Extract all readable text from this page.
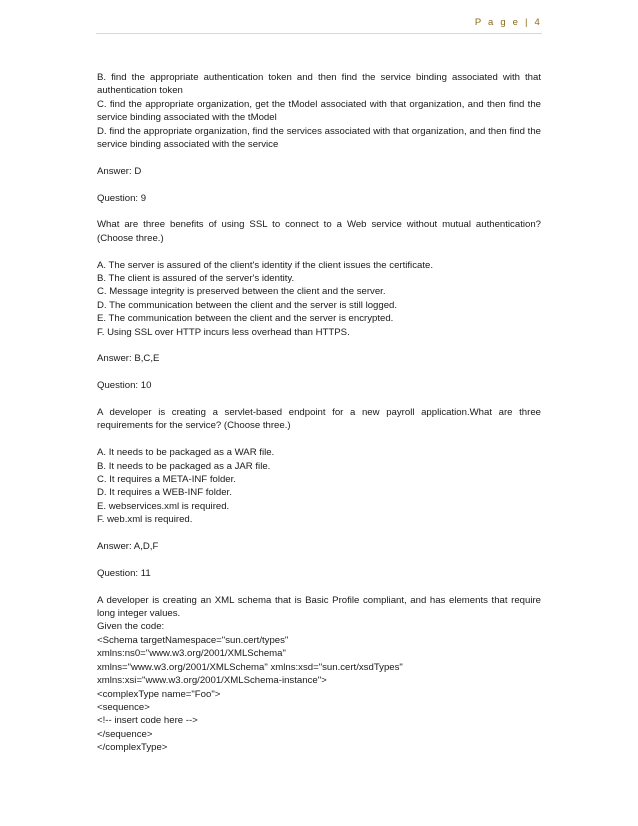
P a g e | 4

B. find the appropriate authentication token and then find the service binding associated with that authentication token

C. find the appropriate organization, get the tModel associated with that organization, and then find the service binding associated with the tModel

D. find the appropriate organization, find the services associated with that organization, and then find the service binding associated with the service

Answer: D

Question: 9

What are three benefits of using SSL to connect to a Web service without mutual authentication?(Choose three.)

A. The server is assured of the client's identity if the client issues the certificate.

B. The client is assured of the server's identity.

C. Message integrity is preserved between the client and the server.

D. The communication between the client and the server is still logged.

E. The communication between the client and the server is encrypted.

F. Using SSL over HTTP incurs less overhead than HTTPS.

Answer: B,C,E

Question: 10

A developer is creating a servlet-based endpoint for a new payroll application.What are three requirements for the service? (Choose three.)

A. It needs to be packaged as a WAR file.

B. It needs to be packaged as a JAR file.

C. It requires a META-INF folder.

D. It requires a WEB-INF folder.

E. webservices.xml is required.

F. web.xml is required.

Answer: A,D,F

Question: 11

A developer is creating an XML schema that is Basic Profile compliant, and has elements that require long integer values.

Given the code:

<Schema targetNamespace="sun.cert/types"

xmlns:ns0="www.w3.org/2001/XMLSchema"

xmlns="www.w3.org/2001/XMLSchema" xmlns:xsd="sun.cert/xsdTypes"

xmlns:xsi="www.w3.org/2001/XMLSchema-instance">

<complexType name="Foo">

<sequence>

<!-- insert code here -->

</sequence>

</complexType>
